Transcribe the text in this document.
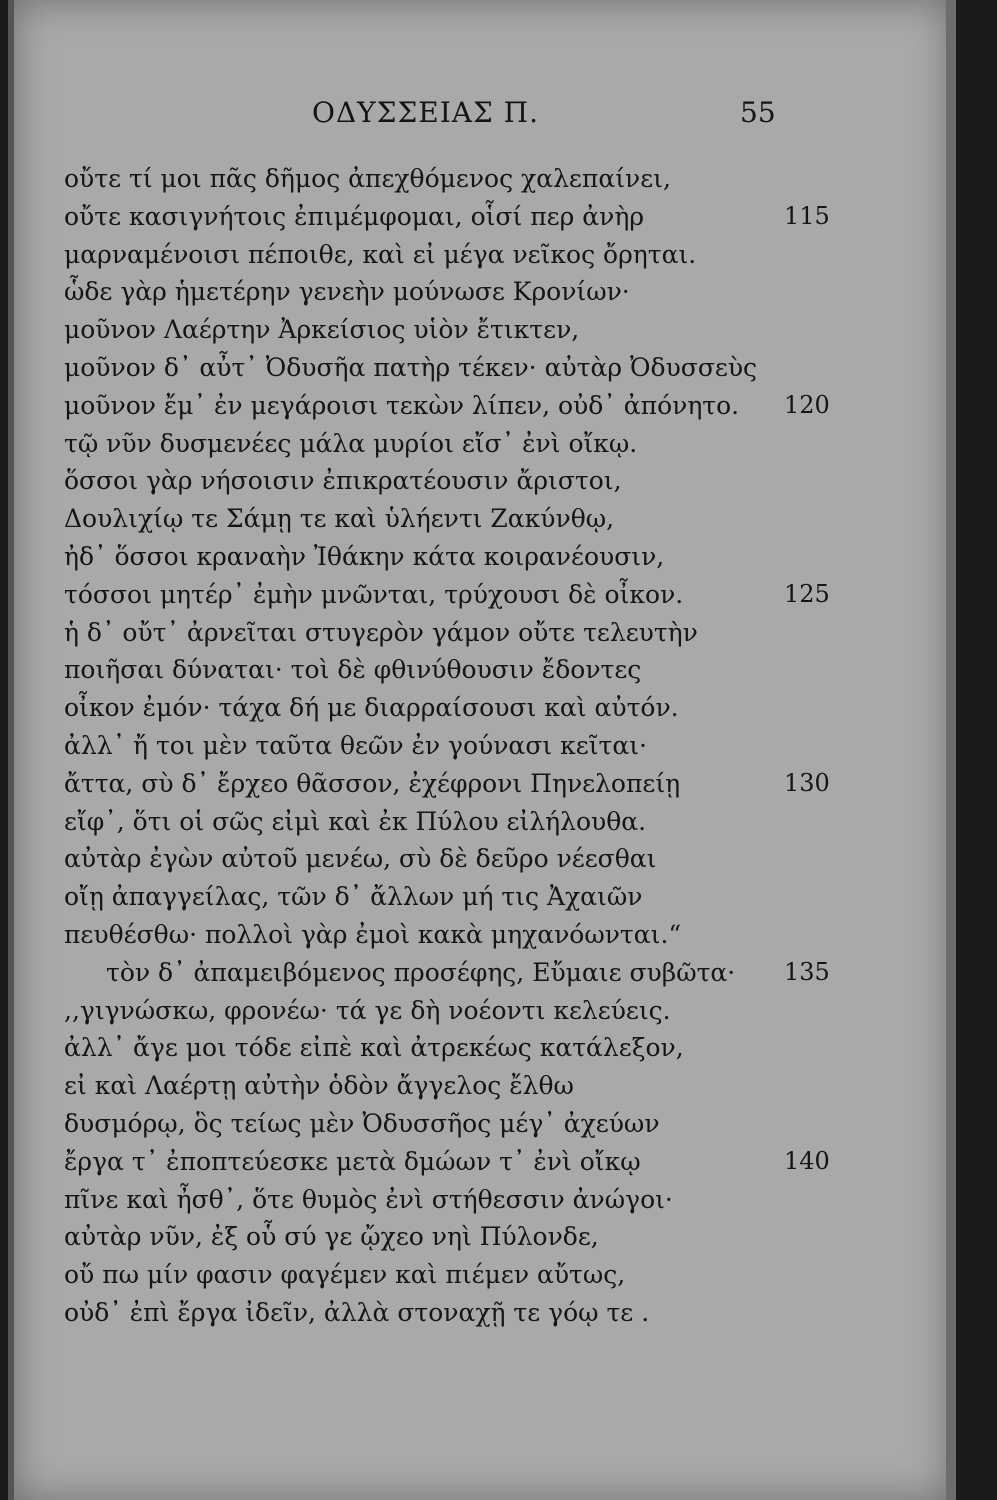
ΟΔΥΣΣΕΙΑΣ Π.	55
οὔτε τί μοι πᾶς δῆμος ἀπεχθόμενος χαλεπαίνει,
οὔτε κασιγνήτοις ἐπιμέμφομαι, οἷσί περ ἀνὴρ	115
μαρναμένοισι πέποιθε, καὶ εἰ μέγα νεῖκος ὄρηται.
ὧδε γὰρ ἡμετέρην γενεὴν μούνωσε Κρονίων·
μοῦνον Λαέρτην Ἀρκείσιος υἱὸν ἔτικτεν,
μοῦνον δ᾽ αὖτ᾽ Ὀδυσῆα πατὴρ τέκεν· αὐτὰρ Ὀδυσσεὺς
μοῦνον ἔμ᾽ ἐν μεγάροισι τεκὼν λίπεν, οὐδ᾽ ἀπόνητο. 120
τῷ νῦν δυσμενέες μάλα μυρίοι εἴσ᾽ ἐνὶ οἴκῳ.
ὅσσοι γὰρ νήσοισιν ἐπικρατέουσιν ἄριστοι,
Δουλιχίῳ τε Σάμῃ τε καὶ ὑλήεντι Ζακύνθῳ,
ἠδ᾽ ὅσσοι κραναὴν Ἰθάκην κάτα κοιρανέουσιν,
τόσσοι μητέρ᾽ ἐμὴν μνῶνται, τρύχουσι δὲ οἶκον.	125
ἡ δ᾽ οὔτ᾽ ἀρνεῖται στυγερὸν γάμον οὔτε τελευτὴν
ποιῆσαι δύναται· τοὶ δὲ φθινύθουσιν ἔδοντες
οἶκον ἐμόν· τάχα δή με διαρραίσουσι καὶ αὐτόν.
ἀλλ᾽ ἤ τοι μὲν ταῦτα θεῶν ἐν γούνασι κεῖται·
ἄττα, σὺ δ᾽ ἔρχεο θᾶσσον, ἐχέφρονι Πηνελοπείῃ	130
εἴφ᾽, ὅτι οἱ σῶς εἰμὶ καὶ ἐκ Πύλου εἰλήλουθα.
αὐτὰρ ἐγὼν αὐτοῦ μενέω, σὺ δὲ δεῦρο νέεσθαι
οἴῃ ἀπαγγείλας, τῶν δ᾽ ἄλλων μή τις Ἀχαιῶν
πευθέσθω· πολλοὶ γὰρ ἐμοὶ κακὰ μηχανόωνται.“
τὸν δ᾽ ἀπαμειβόμενος προσέφης, Εὔμαιε συβῶτα· 135
,,γιγνώσκω, φρονέω· τά γε δὴ νοέοντι κελεύεις.
ἀλλ᾽ ἄγε μοι τόδε εἰπὲ καὶ ἀτρεκέως κατάλεξον,
εἰ καὶ Λαέρτῃ αὐτὴν ὁδὸν ἄγγελος ἔλθω
δυσμόρῳ, ὃς τείως μὲν Ὀδυσσῆος μέγ᾽ ἀχεύων
ἔργα τ᾽ ἐποπτεύεσκε μετὰ δμώων τ᾽ ἐνὶ οἴκῳ	140
πῖνε καὶ ἦσθ᾽, ὅτε θυμὸς ἐνὶ στήθεσσιν ἀνώγοι·
αὐτὰρ νῦν, ἐξ οὗ σύ γε ᾤχεο νηὶ Πύλονδε,
οὔ πω μίν φασιν φαγέμεν καὶ πιέμεν αὔτως,
οὐδ᾽ ἐπὶ ἔργα ἰδεῖν, ἀλλὰ στοναχῇ τε γόῳ τε .
